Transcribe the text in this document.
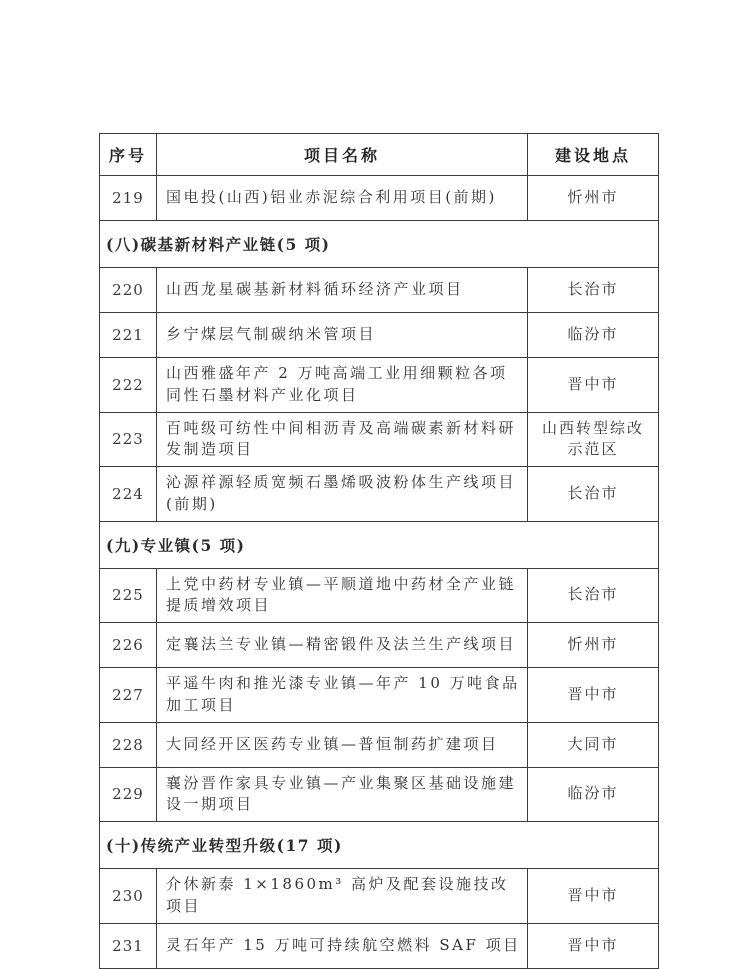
序号	项目名称	建设地点
219	国电投(山西)铝业赤泥综合利用项目(前期)	忻州市
(八)碳基新材料产业链(5 项)		
220	山西龙星碳基新材料循环经济产业项目	长治市
221	乡宁煤层气制碳纳米管项目	临汾市
222	山西雅盛年产 2 万吨高端工业用细颗粒各项同性石墨材料产业化项目	晋中市
223	百吨级可纺性中间相沥青及高端碳素新材料研发制造项目	山西转型综改示范区
224	沁源祥源轻质宽频石墨烯吸波粉体生产线项目(前期)	长治市
(九)专业镇(5 项)		
225	上党中药材专业镇—平顺道地中药材全产业链提质增效项目	长治市
226	定襄法兰专业镇—精密锻件及法兰生产线项目	忻州市
227	平遥牛肉和推光漆专业镇—年产 10 万吨食品加工项目	晋中市
228	大同经开区医药专业镇—普恒制药扩建项目	大同市
229	襄汾晋作家具专业镇—产业集聚区基础设施建设一期项目	临汾市
(十)传统产业转型升级(17 项)		
230	介休新泰 1×1860m³ 高炉及配套设施技改项目	晋中市
231	灵石年产 15 万吨可持续航空燃料 SAF 项目	晋中市
